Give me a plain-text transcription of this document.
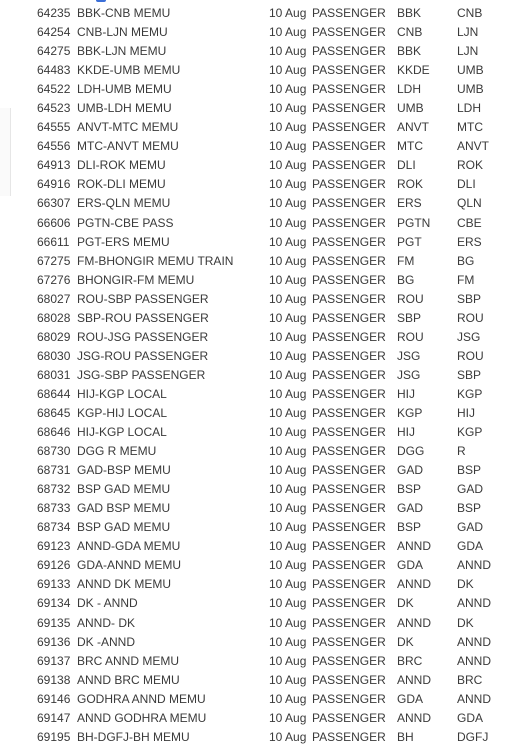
64235 BBK-CNB MEMU	10 Aug PASSENGER BBK	CNB
64254 CNB-LJN MEMU	10 Aug PASSENGER CNB	LJN
64275 BBK-LJN MEMU	10 Aug PASSENGER BBK	LJN
64483 KKDE-UMB MEMU	10 Aug PASSENGER KKDE UMB
64522 LDH-UMB MEMU	10 Aug PASSENGER LDH	UMB
64523 UMB-LDH MEMU	10 Aug PASSENGER UMB	LDH
64555 ANVT-MTC MEMU	10 Aug PASSENGER ANVT MTC
64556 MTC-ANVT MEMU	10 Aug PASSENGER MTC	ANVT
64913 DLI-ROK MEMU	10 Aug PASSENGER DLI	ROK
64916 ROK-DLI MEMU	10 Aug PASSENGER ROK	DLI
66307 ERS-QLN MEMU	10 Aug PASSENGER ERS	QLN
66606 PGTN-CBE PASS	10 Aug PASSENGER PGTN CBE
66611 PGT-ERS MEMU	10 Aug PASSENGER PGT	ERS
67275 FM-BHONGIR MEMU TRAIN	10 Aug PASSENGER FM	BG
67276 BHONGIR-FM MEMU	10 Aug PASSENGER BG	FM
68027 ROU-SBP PASSENGER	10 Aug PASSENGER ROU	SBP
68028 SBP-ROU PASSENGER	10 Aug PASSENGER SBP	ROU
68029 ROU-JSG PASSENGER	10 Aug PASSENGER ROU	JSG
68030 JSG-ROU PASSENGER	10 Aug PASSENGER JSG	ROU
68031 JSG-SBP PASSENGER	10 Aug PASSENGER JSG	SBP
68644 HIJ-KGP LOCAL	10 Aug PASSENGER HIJ	KGP
68645 KGP-HIJ LOCAL	10 Aug PASSENGER KGP	HIJ
68646 HIJ-KGP LOCAL	10 Aug PASSENGER HIJ	KGP
68730 DGG R MEMU	10 Aug PASSENGER DGG	R
68731 GAD-BSP MEMU	10 Aug PASSENGER GAD	BSP
68732 BSP GAD MEMU	10 Aug PASSENGER BSP	GAD
68733 GAD BSP MEMU	10 Aug PASSENGER GAD	BSP
68734 BSP GAD MEMU	10 Aug PASSENGER BSP	GAD
69123 ANND-GDA MEMU	10 Aug PASSENGER ANND GDA
69126 GDA-ANND MEMU	10 Aug PASSENGER GDA	ANND
69133 ANND DK MEMU	10 Aug PASSENGER ANND DK
69134 DK - ANND	10 Aug PASSENGER DK	ANND
69135 ANND- DK	10 Aug PASSENGER ANND DK
69136 DK -ANND	10 Aug PASSENGER DK	ANND
69137 BRC ANND MEMU	10 Aug PASSENGER BRC	ANND
69138 ANND BRC MEMU	10 Aug PASSENGER ANND BRC
69146 GODHRA ANND MEMU	10 Aug PASSENGER GDA	ANND
69147 ANND GODHRA MEMU	10 Aug PASSENGER ANND GDA
69195 BH-DGFJ-BH MEMU	10 Aug PASSENGER BH	DGFJ
